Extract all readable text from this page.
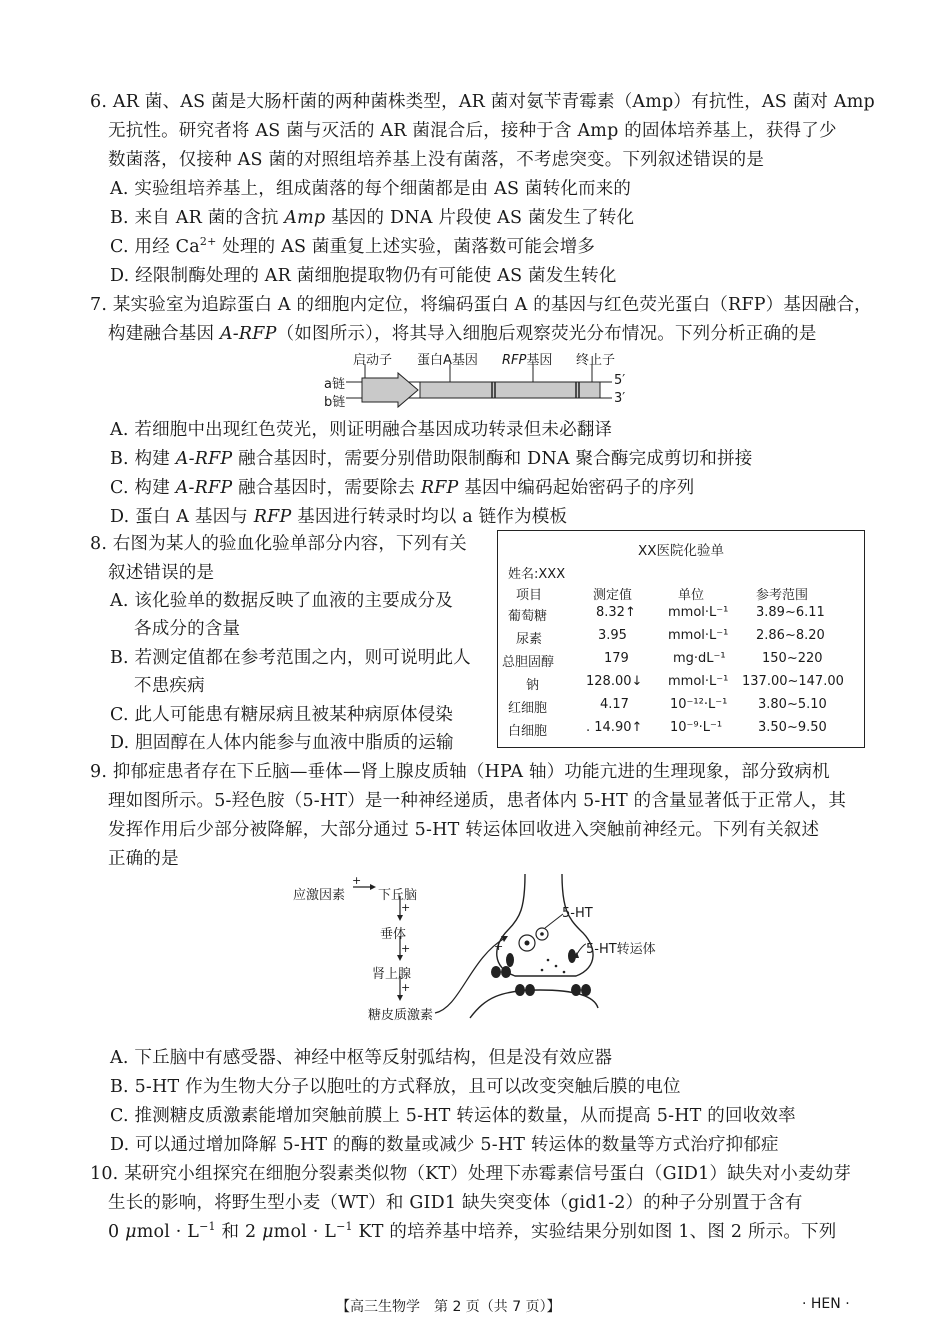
6. AR 菌、AS 菌是大肠杆菌的两种菌株类型，AR 菌对氨苄青霉素（Amp）有抗性，AS 菌对 Amp
无抗性。研究者将 AS 菌与灭活的 AR 菌混合后，接种于含 Amp 的固体培养基上，获得了少
数菌落，仅接种 AS 菌的对照组培养基上没有菌落，不考虑突变。下列叙述错误的是
A. 实验组培养基上，组成菌落的每个细菌都是由 AS 菌转化而来的
B. 来自 AR 菌的含抗 Amp 基因的 DNA 片段使 AS 菌发生了转化
C. 用经 $Ca^{2+}$ 处理的 AS 菌重复上述实验，菌落数可能会增多
D. 经限制酶处理的 AR 菌细胞提取物仍有可能使 AS 菌发生转化
7. 某实验室为追踪蛋白 A 的细胞内定位，将编码蛋白 A 的基因与红色荧光蛋白（RFP）基因融合，
构建融合基因 A-RFP（如图所示），将其导入细胞后观察荧光分布情况。下列分析正确的是
启动子 蛋白A基因 RFP基因 终止子
a链
b链
5′
3′
A. 若细胞中出现红色荧光，则证明融合基因成功转录但未必翻译
B. 构建 A-RFP 融合基因时，需要分别借助限制酶和 DNA 聚合酶完成剪切和拼接
C. 构建 A-RFP 融合基因时，需要除去 RFP 基因中编码起始密码子的序列
D. 蛋白 A 基因与 RFP 基因进行转录时均以 a 链作为模板
8. 右图为某人的验血化验单部分内容，下列有关
叙述错误的是
A. 该化验单的数据反映了血液的主要成分及
各成分的含量
B. 若测定值都在参考范围之内，则可说明此人
不患疾病
C. 此人可能患有糖尿病且被某种病原体侵染
D. 胆固醇在人体内能参与血液中脂质的运输
XX医院化验单
姓名:XXX
项目	测定值	单位	参考范围
葡萄糖	8.32↑ mmol·L⁻¹ 3.89~6.11
尿素	3.95	mmol·L⁻¹ 2.86~8.20
总胆固醇	179	mg·dL⁻¹	150~220
钠	128.00↓ mmol·L⁻¹ 137.00~147.00
红细胞	4.17	10⁻¹²·L⁻¹ 3.80~5.10
白细胞	. 14.90↑ 10⁻⁹·L⁻¹	3.50~9.50
9. 抑郁症患者存在下丘脑—垂体—肾上腺皮质轴（HPA 轴）功能亢进的生理现象，部分致病机
理如图所示。5-羟色胺（5-HT）是一种神经递质，患者体内 5-HT 的含量显著低于正常人，其
发挥作用后少部分被降解，大部分通过 5-HT 转运体回收进入突触前神经元。下列有关叙述
正确的是
应激因素
+
下丘脑
+
垂体
+
肾上腺
+
糖皮质激素
+
5-HT
5-HT转运体
A. 下丘脑中有感受器、神经中枢等反射弧结构，但是没有效应器
B. 5-HT 作为生物大分子以胞吐的方式释放，且可以改变突触后膜的电位
C. 推测糖皮质激素能增加突触前膜上 5-HT 转运体的数量，从而提高 5-HT 的回收效率
D. 可以通过增加降解 5-HT 的酶的数量或减少 5-HT 转运体的数量等方式治疗抑郁症
10. 某研究小组探究在细胞分裂素类似物（KT）处理下赤霉素信号蛋白（GID1）缺失对小麦幼芽
生长的影响，将野生型小麦（WT）和 GID1 缺失突变体（gid1-2）的种子分别置于含有
0 $\mu mol \cdot L^{-1}$ 和 2 $\mu mol \cdot L^{-1}$ KT 的培养基中培养，实验结果分别如图 1、图 2 所示。下列
【高三生物学　第 2 页（共 7 页）】	· HEN ·
